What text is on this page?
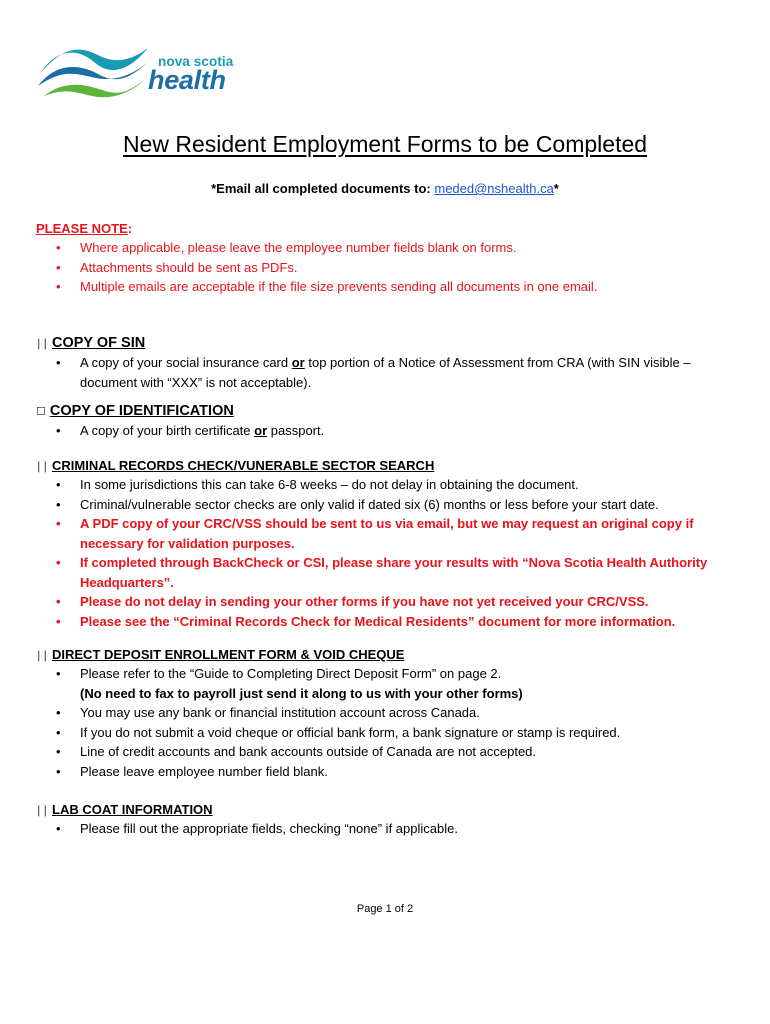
nova scotia
health
New Resident Employment Forms to be Completed
*Email all completed documents to: meded@nshealth.ca*
PLEASE NOTE:
• Where applicable, please leave the employee number fields blank on forms.
• Attachments should be sent as PDFs.
• Multiple emails are acceptable if the file size prevents sending all documents in one email.
∣∣ COPY OF SIN
• A copy of your social insurance card or top portion of a Notice of Assessment from CRA (with SIN visible – document with “XXX” is not acceptable).
☐ COPY OF IDENTIFICATION
• A copy of your birth certificate or passport.
∣∣ CRIMINAL RECORDS CHECK/VUNERABLE SECTOR SEARCH
• In some jurisdictions this can take 6-8 weeks – do not delay in obtaining the document.
• Criminal/vulnerable sector checks are only valid if dated six (6) months or less before your start date.
• A PDF copy of your CRC/VSS should be sent to us via email, but we may request an original copy if necessary for validation purposes.
• If completed through BackCheck or CSI, please share your results with “Nova Scotia Health Authority Headquarters”.
• Please do not delay in sending your other forms if you have not yet received your CRC/VSS.
• Please see the “Criminal Records Check for Medical Residents” document for more information.
∣∣ DIRECT DEPOSIT ENROLLMENT FORM & VOID CHEQUE
• Please refer to the “Guide to Completing Direct Deposit Form” on page 2.
(No need to fax to payroll just send it along to us with your other forms)
• You may use any bank or financial institution account across Canada.
• If you do not submit a void cheque or official bank form, a bank signature or stamp is required.
• Line of credit accounts and bank accounts outside of Canada are not accepted.
• Please leave employee number field blank.
∣∣ LAB COAT INFORMATION
• Please fill out the appropriate fields, checking “none” if applicable.
Page 1 of 2
